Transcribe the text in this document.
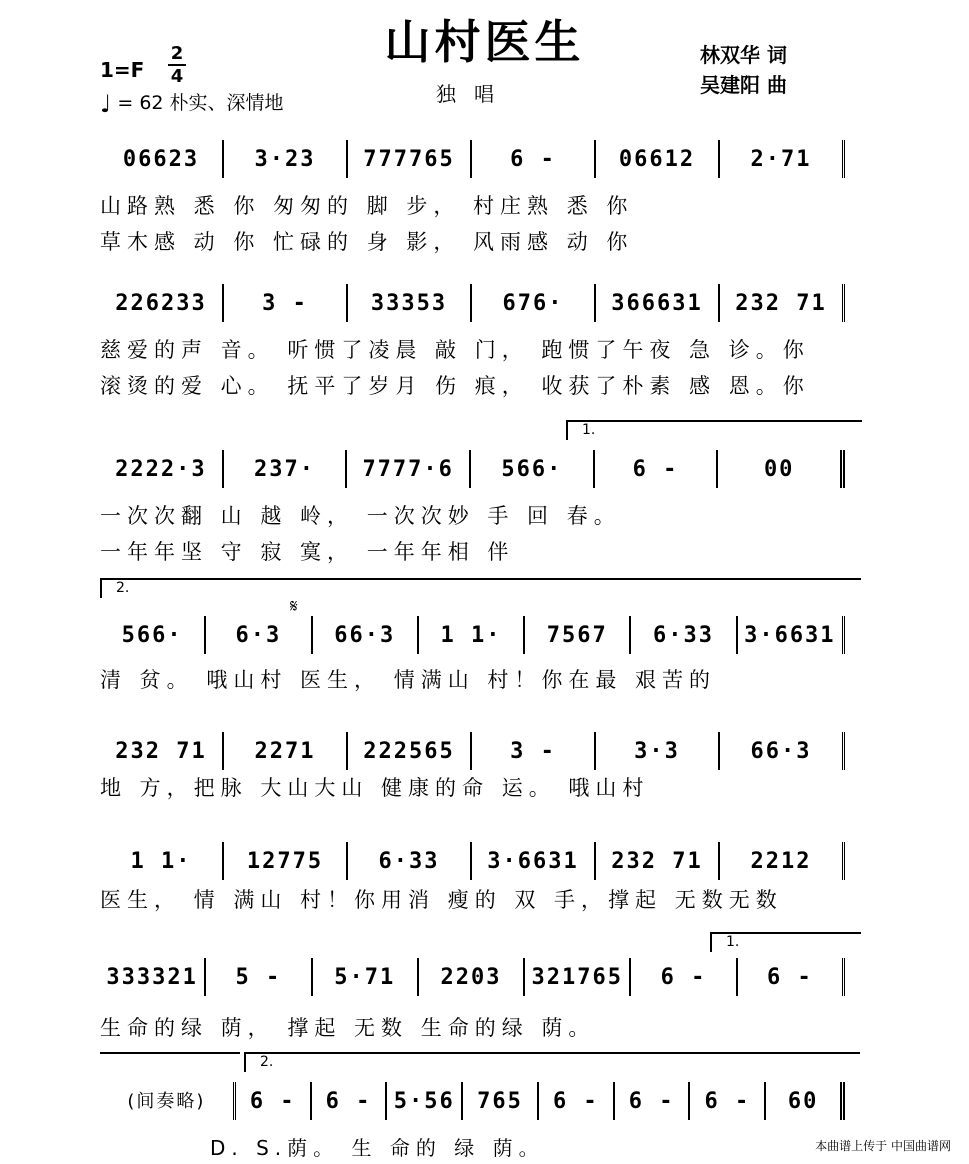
山村医生
1=F
2
4
♩ = 62 朴实、深情地	独唱
林双华 词
吴建阳 曲
06623	3·23	777765	6 -	06612	2·71
山路熟 悉 你 匆匆的 脚 步， 村庄熟 悉 你
草木感 动 你 忙碌的 身 影， 风雨感 动 你
226233	3 -	33353	676·	366631	232 71
慈爱的声 音。 听惯了凌晨 敲 门， 跑惯了午夜 急 诊。你
滚烫的爱 心。 抚平了岁月 伤 痕， 收获了朴素 感 恩。你
1.
2222·3	237·	7777·6	566·	6 -	00
一次次翻 山 越 岭， 一次次妙 手 回 春。
一年年坚 守 寂 寞， 一年年相 伴
2.
𝄋
566·	6·3	66·3	1 1·	7567	6·33	3·6631
清 贫。 哦山村 医生， 情满山 村！你在最 艰苦的
232 71	2271	222565	3 -	3·3	66·3
地 方，把脉 大山大山 健康的命 运。 哦山村
1 1·	12775	6·33	3·6631	232 71	2212
医生， 情 满山 村！你用消 瘦的 双 手，撑起 无数无数
1.
333321	5 -	5·71	2203	321765	6 -	6 -
生命的绿 荫， 撑起 无数 生命的绿 荫。
2.
(间奏略)	6 -	6 -	5·56	765	6 -	6 -	6 -	60
D. S.荫。 生 命的 绿 荫。	本曲谱上传于 中国曲谱网
